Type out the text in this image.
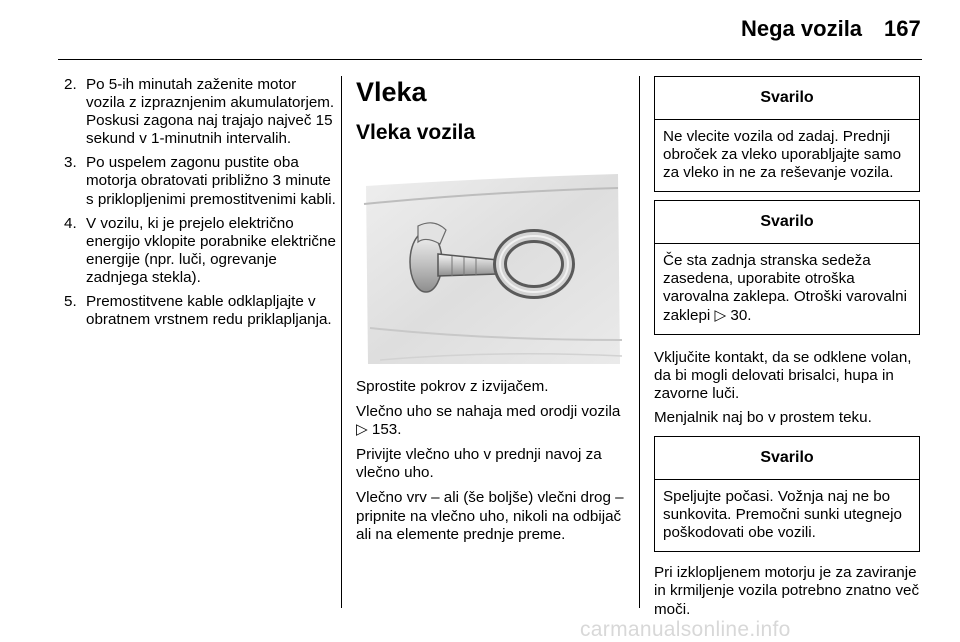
Nega vozila 167
2. Po 5-ih minutah zaženite motor vozila z izpraznjenim akumulatorjem. Poskusi zagona naj trajajo največ 15 sekund v 1-minutnih intervalih.
3. Po uspelem zagonu pustite oba motorja obratovati približno 3 minute s priklopljenimi premostitvenimi kabli.
4. V vozilu, ki je prejelo električno energijo vklopite porabnike električne energije (npr. luči, ogrevanje zadnjega stekla).
5. Premostitvene kable odklapljajte v obratnem vrstnem redu priklapljanja.
Vleka
Vleka vozila

Sprostite pokrov z izvijačem.

Vlečno uho se nahaja med orodji vozila ▷ 153.

Privijte vlečno uho v prednji navoj za vlečno uho.

Vlečno vrv – ali (še boljše) vlečni drog – pripnite na vlečno uho, nikoli na odbijač ali na elemente prednje preme.

Svarilo
Ne vlecite vozila od zadaj. Prednji obroček za vleko uporabljajte samo za vleko in ne za reševanje vozila.
Svarilo
Če sta zadnja stranska sedeža zasedena, uporabite otroška varovalna zaklepa. Otroški varovalni zaklepi ▷ 30.

Vključite kontakt, da se odklene volan, da bi mogli delovati brisalci, hupa in zavorne luči.

Menjalnik naj bo v prostem teku.

Svarilo
Speljujte počasi. Vožnja naj ne bo sunkovita. Premočni sunki utegnejo poškodovati obe vozili.

Pri izklopljenem motorju je za zaviranje in krmiljenje vozila potrebno znatno več moči.

carmanualsonline.info
